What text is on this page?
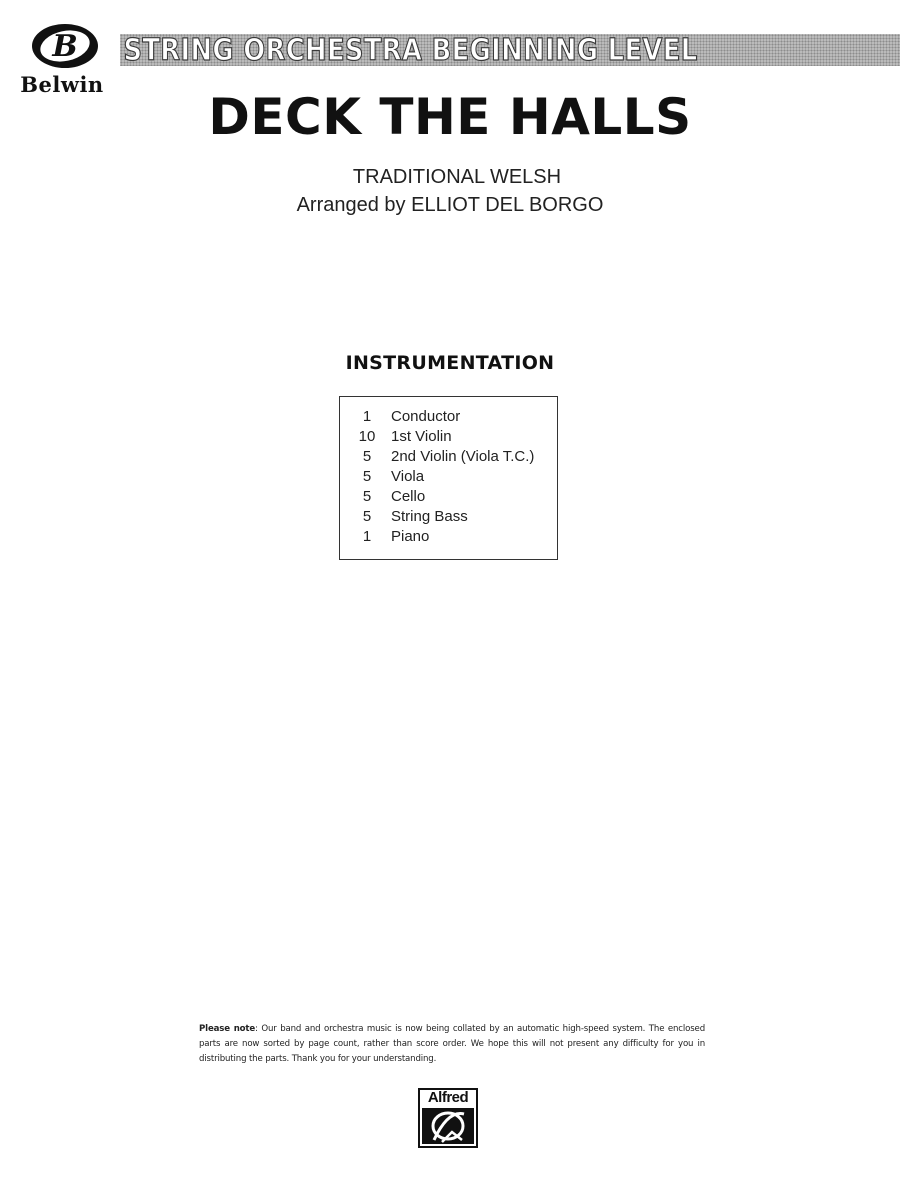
B
Belwin
STRING ORCHESTRA BEGINNING LEVEL
DECK THE HALLS
TRADITIONAL WELSH
Arranged by ELLIOT DEL BORGO
INSTRUMENTATION
1	Conductor
10	1st Violin
5	2nd Violin (Viola T.C.)
5	Viola
5	Cello
5	String Bass
1	Piano
Please note: Our band and orchestra music is now being collated by an automatic high-speed system. The enclosed parts are now sorted by page count, rather than score order. We hope this will not present any difficulty for you in distributing the parts. Thank you for your understanding.
Alfred
